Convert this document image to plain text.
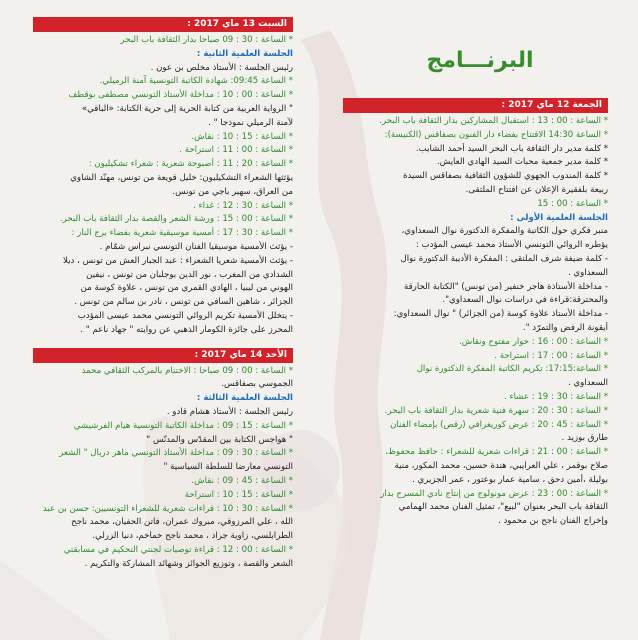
البرنـــامج
السبت 13 ماي 2017 :
* الساعة : 30 : 09 صباحا بدار الثقافة باب البحر
الجلسة العلمية الثانية :
رئيس الجلسة : الأستاذ مخلص بن عون .
* الساعة 09:45: شهادة الكاتبة التونسية آمنة الرميلي.
* الساعة : 00 : 10 : مداخلة الأستاذ التونسي مصطفى بوقطف
" الرواية العربية من كتابة الحرية إلى حرية الكتابة: «الباقي»
لآمنة الرميلي نموذجا " .
* الساعة : 15 : 10 : نقاش.
* الساعة : 00 : 11 : استراحة .
* الساعة : 20 : 11 : أصبوحة شعرية : شعراء تشكيليون :
يؤثثها الشعراء التشكيليون: خليل قويعة من تونس، مهنّد الشاوي
من العراق، سهير باجي من تونس.
* الساعة : 30 : 12 : غداء .
* الساعة : 00 : 15 : ورشة الشعر والقصة بدار الثقافة باب البحر.
* الساعة : 30 : 17 : أمسية موسيقية شعرية بفضاء برج النار :
- يؤثث الأمسية موسيقيا الفنان التونسي نبراس شمّام .
- يؤثث الأمسية شعريا الشعراء : عبد الجبار العش من تونس ، ديلا
الشدادي من المغرب ، نور الدين بوجلبان من تونس ، نيفين
الهوني من ليبيا ، الهادي القمري من تونس ، علاوة كوسة من
الجزائر ، شاهين السافي من تونس ، نادر بن سالم من تونس .
- يتخلل الأمسية تكريم الروائي التونسي محمد عيسى المؤدب
المحرز على جائزة الكومار الذهبي عن روايته " جهاد ناعم " .
الأحد 14 ماي 2017 :
* الساعة : 00 : 09 صباحا : الاختتام بالمركب الثقافي محمد
الجموسي بصفاقس.
الجلسة العلمية الثالثة :
رئيس الجلسة : الأستاذ هشام قادو .
* الساعة : 15 : 09 : مداخلة الكاتبة التونسية هيام الفرشيشي
" هواجس الكتابة بين المقدّس والمدنّس "
* الساعة : 30 : 09 : مداخلة الأستاذ التونسي ماهر دربال " الشعر
التونسي معارضا للسلطة السياسية "
* الساعة : 45 : 09 : نقاش.
* الساعة : 15 : 10 : استراحة
* الساعة : 30 : 10 : قراءات شعرية للشعراء التونسيين: حسن بن عبد
الله ، علي المرزوقي، مبروك عمران، فاتن الحفيان، محمد ناجح
الطرابلسي، زاوية جراد ، محمد ناجح خماخم، دنيا الزرلي.
* الساعة : 00 : 12 : قراءة توصيات لجنتي التحكيم في مسابقتي
الشعر والقصة ، وتوزيع الجوائز وشهائد المشاركة والتكريم .
الجمعة 12 ماي 2017 :
* الساعة : 00 : 13 : استقبال المشاركين بدار الثقافة باب البحر.
* الساعة 14:30 الافتتاح بفضاء دار الفنون بصفاقس (الكنيسة):
* كلمة مدير دار الثقافة باب البحر السيد أحمد الشايب.
* كلمة مدير جمعية محبات السيد الهادي العايش.
* كلمة المندوب الجهوي للشؤون الثقافية بصفاقس السيدة
ربيعة بلفقيرة الإعلان عن افتتاح الملتقى.
* الساعة : 00 : 15
الجلسة العلمية الأولى :
منبر فكري حول الكاتبة والمفكرة الدكتورة نوال السعداوي،
يؤطره الروائي التونسي الأستاذ محمد عيسى المؤدب :
- كلمة ضيفة شرف الملتقى : المفكرة الأديبة الدكتورة نوال
السعداوي .
- مداخلة الأستاذة هاجر خنفير (من تونس) "الكتابة الحارقة
والمحترقة:قراءة في دراسات نوال السعداوي".
- مداخلة الأستاذ علاوة كوسة (من الجزائر) " نوال السعداوي:
أيقونة الرفض والتمرّد ".
* الساعة : 00 : 16 : حوار مفتوح ونقاش.
* الساعة : 00 : 17 : استراحة .
* الساعة:17:15: تكريم الكاتبة المفكرة الدكتورة نوال
السعداوي .
* الساعة : 30 : 19 : عشاء .
* الساعة : 30 : 20 : سهرة فنية شعرية بدار الثقافة باب البحر.
* الساعة : 45 : 20 : عرض كوريغرافي (رقص) بإمضاء الفنان
طارق بوزيد .
* الساعة : 00 : 21 : قراءات شعرية للشعراء : حافظ محفوظ،
صلاح بوقمر ، علي العرايبي، هندة حسين، محمد المكور، منية
بوليلة ،أمين دحق ، سامية عمار بوعتور ، عمر الجزيري .
* الساعة : 00 : 23 : عرض مونولوج من إنتاج نادي المسرح بدار
الثقافة باب البحر بعنوان "لبيع"، تمثيل الفنان محمد الهمامي
وإخراج الفنان ناجح بن محمود .
